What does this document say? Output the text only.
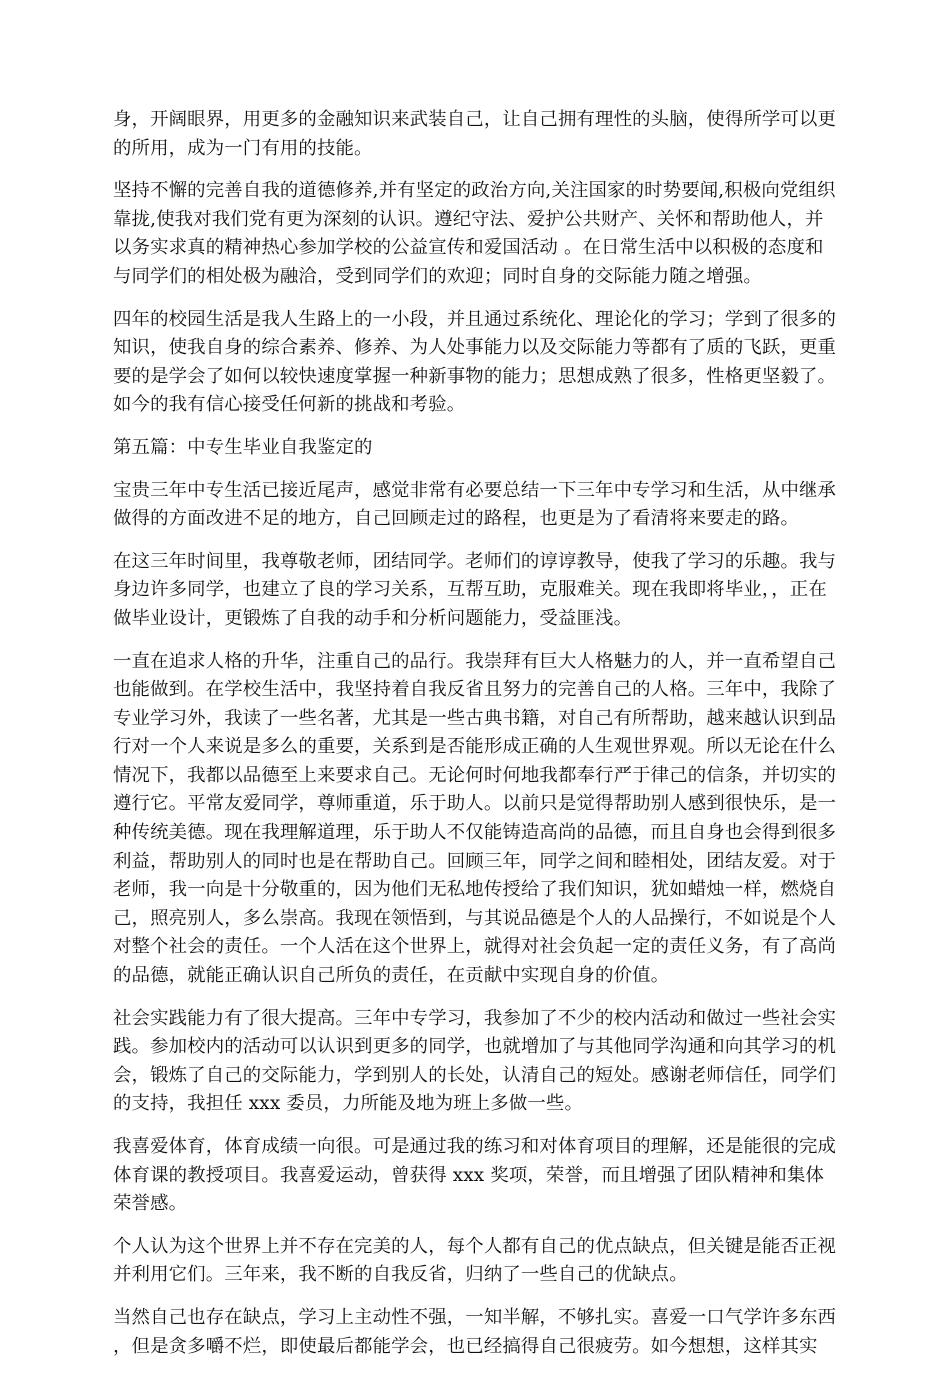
身，开阔眼界，用更多的金融知识来武装自己，让自己拥有理性的头脑，使得所学可以更的所用，成为一门有用的技能。

坚持不懈的完善自我的道德修养,并有坚定的政治方向,关注国家的时势要闻,积极向党组织靠拢,使我对我们党有更为深刻的认识。遵纪守法、爱护公共财产、关怀和帮助他人，并以务实求真的精神热心参加学校的公益宣传和爱国活动 。在日常生活中以积极的态度和与同学们的相处极为融洽，受到同学们的欢迎；同时自身的交际能力随之增强。

四年的校园生活是我人生路上的一小段，并且通过系统化、理论化的学习；学到了很多的知识，使我自身的综合素养、修养、为人处事能力以及交际能力等都有了质的飞跃，更重要的是学会了如何以较快速度掌握一种新事物的能力；思想成熟了很多，性格更坚毅了。如今的我有信心接受任何新的挑战和考验。

第五篇：中专生毕业自我鉴定的

宝贵三年中专生活已接近尾声，感觉非常有必要总结一下三年中专学习和生活，从中继承做得的方面改进不足的地方，自己回顾走过的路程，也更是为了看清将来要走的路。

在这三年时间里，我尊敬老师，团结同学。老师们的谆谆教导，使我了学习的乐趣。我与身边许多同学，也建立了良的学习关系，互帮互助，克服难关。现在我即将毕业，，正在做毕业设计，更锻炼了自我的动手和分析问题能力，受益匪浅。

一直在追求人格的升华，注重自己的品行。我崇拜有巨大人格魅力的人，并一直希望自己也能做到。在学校生活中，我坚持着自我反省且努力的完善自己的人格。三年中，我除了专业学习外，我读了一些名著，尤其是一些古典书籍，对自己有所帮助，越来越认识到品行对一个人来说是多么的重要，关系到是否能形成正确的人生观世界观。所以无论在什么情况下，我都以品德至上来要求自己。无论何时何地我都奉行严于律己的信条，并切实的遵行它。平常友爱同学，尊师重道，乐于助人。以前只是觉得帮助别人感到很快乐，是一种传统美德。现在我理解道理，乐于助人不仅能铸造高尚的品德，而且自身也会得到很多利益，帮助别人的同时也是在帮助自己。回顾三年，同学之间和睦相处，团结友爱。对于老师，我一向是十分敬重的，因为他们无私地传授给了我们知识，犹如蜡烛一样，燃烧自己，照亮别人，多么崇高。我现在领悟到，与其说品德是个人的人品操行，不如说是个人对整个社会的责任。一个人活在这个世界上，就得对社会负起一定的责任义务，有了高尚的品德，就能正确认识自己所负的责任，在贡献中实现自身的价值。

社会实践能力有了很大提高。三年中专学习，我参加了不少的校内活动和做过一些社会实践。参加校内的活动可以认识到更多的同学，也就增加了与其他同学沟通和向其学习的机会，锻炼了自己的交际能力，学到别人的长处，认清自己的短处。感谢老师信任，同学们的支持，我担任 xxx 委员，力所能及地为班上多做一些。

我喜爱体育，体育成绩一向很。可是通过我的练习和对体育项目的理解，还是能很的完成体育课的教授项目。我喜爱运动，曾获得 xxx 奖项，荣誉，而且增强了团队精神和集体荣誉感。

个人认为这个世界上并不存在完美的人，每个人都有自己的优点缺点，但关键是能否正视并利用它们。三年来，我不断的自我反省，归纳了一些自己的优缺点。

当然自己也存在缺点，学习上主动性不强，一知半解，不够扎实。喜爱一口气学许多东西，但是贪多嚼不烂，即使最后都能学会，也已经搞得自己很疲劳。如今想想，这样其实
